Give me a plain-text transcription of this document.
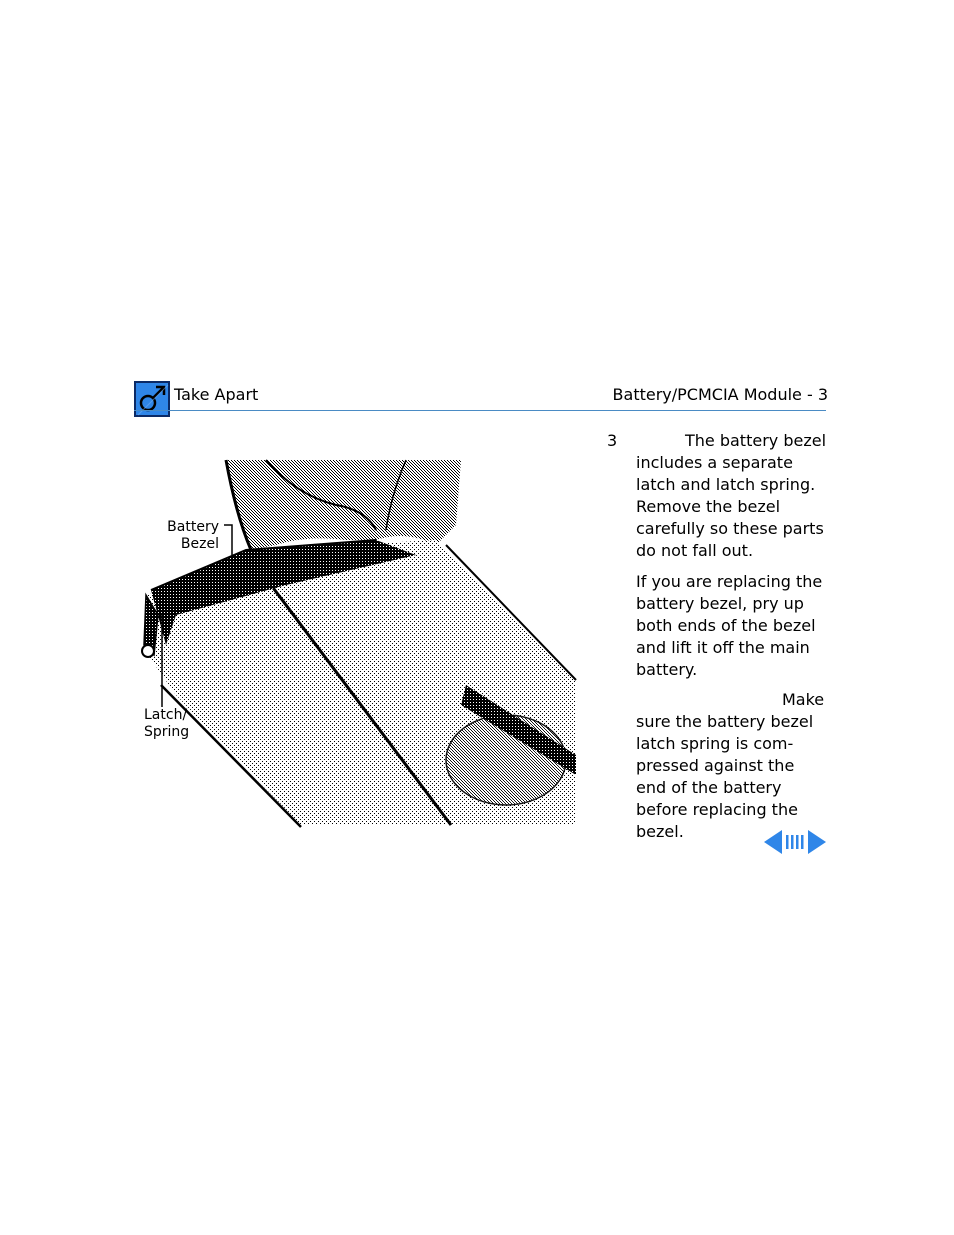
Take Apart	Battery/PCMCIA Module - 3
Battery
Bezel
Latch/
Spring
3	The battery bezel includes a separate latch and latch spring. Remove the bezel carefully so these parts do not fall out.

If you are replacing the battery bezel, pry up both ends of the bezel and lift it off the main battery.

Make sure the battery bezel latch spring is com-pressed against the end of the battery before replacing the bezel.
